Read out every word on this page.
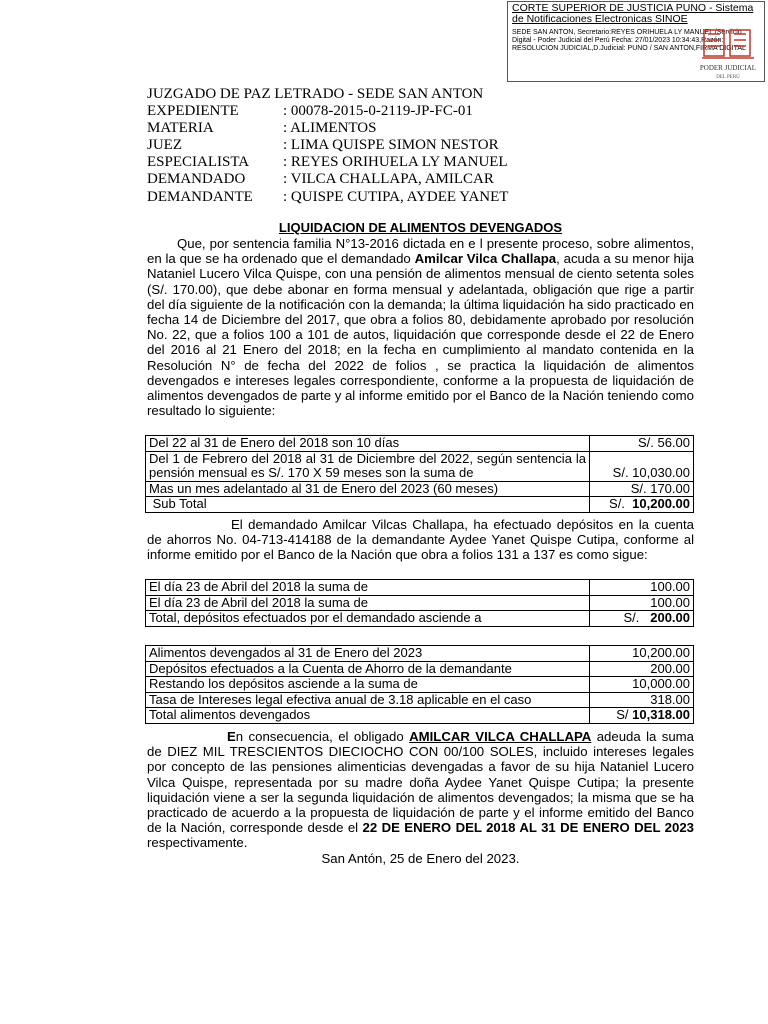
CORTE SUPERIOR DE JUSTICIA PUNO - Sistema de Notificaciones Electronicas SINOE
SEDE SAN ANTON, Secretario:REYES ORIHUELA LY MANUEL /Servicio Digital - Poder Judicial del Perú Fecha: 27/01/2023 10:34:43,Razón: RESOLUCION JUDICIAL,D.Judicial: PUNO / SAN ANTON,FIRMA DIGITAL
PODER JUDICIAL
DEL PERÚ
JUZGADO DE PAZ LETRADO - SEDE SAN ANTON
EXPEDIENTE	: 00078-2015-0-2119-JP-FC-01
MATERIA	: ALIMENTOS
JUEZ	: LIMA QUISPE SIMON NESTOR
ESPECIALISTA : REYES ORIHUELA LY MANUEL
DEMANDADO	: VILCA CHALLAPA, AMILCAR
DEMANDANTE : QUISPE CUTIPA, AYDEE YANET
LIQUIDACION DE ALIMENTOS DEVENGADOS
Que, por sentencia familia N°13-2016 dictada en e l presente proceso, sobre alimentos, en la que se ha ordenado que el demandado Amilcar Vilca Challapa, acuda a su menor hija Nataniel Lucero Vilca Quispe, con una pensión de alimentos mensual de ciento setenta soles (S/. 170.00), que debe abonar en forma mensual y adelantada, obligación que rige a partir del día siguiente de la notificación con la demanda; la última liquidación ha sido practicado en fecha 14 de Diciembre del 2017, que obra a folios 80, debidamente aprobado por resolución No. 22, que a folios 100 a 101 de autos, liquidación que corresponde desde el 22 de Enero del 2016 al 21 Enero del 2018; en la fecha en cumplimiento al mandato contenida en la Resolución N° de fecha del 2022 de folios , se practica la liquidación de alimentos devengados e intereses legales correspondiente, conforme a la propuesta de liquidación de alimentos devengados de parte y al informe emitido por el Banco de la Nación teniendo como resultado lo siguiente:
Del 22 al 31 de Enero del 2018 son 10 días	S/. 56.00
Del 1 de Febrero del 2018 al 31 de Diciembre del 2022, según sentencia la pensión mensual es S/. 170 X 59 meses son la suma de	S/. 10,030.00
Mas un mes adelantado al 31 de Enero del 2023 (60 meses)	S/. 170.00
Sub Total	S/.  10,200.00
El demandado Amilcar Vilcas Challapa, ha efectuado depósitos en la cuenta de ahorros No. 04-713-414188 de la demandante Aydee Yanet Quispe Cutipa, conforme al informe emitido por el Banco de la Nación que obra a folios 131 a 137 es como sigue:
El día 23 de Abril del 2018 la suma de	100.00
El día 23 de Abril del 2018 la suma de	100.00
Total, depósitos efectuados por el demandado asciende a	S/.   200.00
Alimentos devengados al 31 de Enero del 2023	10,200.00
Depósitos efectuados a la Cuenta de Ahorro de la demandante	200.00
Restando los depósitos asciende a la suma de	10,000.00
Tasa de Intereses legal efectiva anual de 3.18 aplicable en el caso	318.00
Total alimentos devengados	S/ 10,318.00
En consecuencia, el obligado AMILCAR VILCA CHALLAPA adeuda la suma de DIEZ MIL TRESCIENTOS DIECIOCHO CON 00/100 SOLES, incluido intereses legales por concepto de las pensiones alimenticias devengadas a favor de su hija Nataniel Lucero Vilca Quispe, representada por su madre doña Aydee Yanet Quispe Cutipa; la presente liquidación viene a ser la segunda liquidación de alimentos devengados; la misma que se ha practicado de acuerdo a la propuesta de liquidación de parte y el informe emitido del Banco de la Nación, corresponde desde el 22 DE ENERO DEL 2018 AL 31 DE ENERO DEL 2023 respectivamente.
San Antón, 25 de Enero del 2023.
